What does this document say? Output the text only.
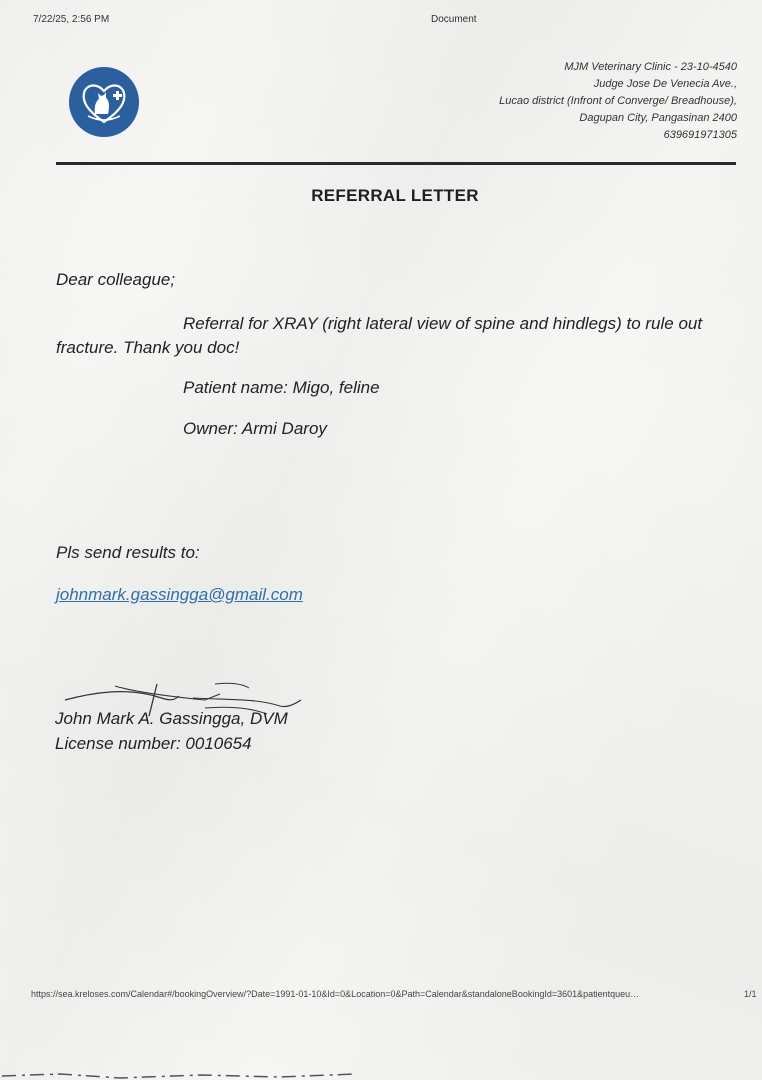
7/22/25, 2:56 PM	Document
MJM Veterinary Clinic - 23-10-4540
Judge Jose De Venecia Ave.,
Lucao district (Infront of Converge/ Breadhouse),
Dagupan City, Pangasinan 2400
639691971305
REFERRAL LETTER
Dear colleague;
Referral for XRAY (right lateral view of spine and hindlegs) to rule out
fracture. Thank you doc!
Patient name: Migo, feline
Owner: Armi Daroy
Pls send results to:
johnmark.gassingga@gmail.com
John Mark A. Gassingga, DVM
License number: 0010654
https://sea.kreloses.com/Calendar#/bookingOverview/?Date=1991-01-10&Id=0&Location=0&Path=Calendar&standaloneBookingId=3601&patientqueu…	1/1
